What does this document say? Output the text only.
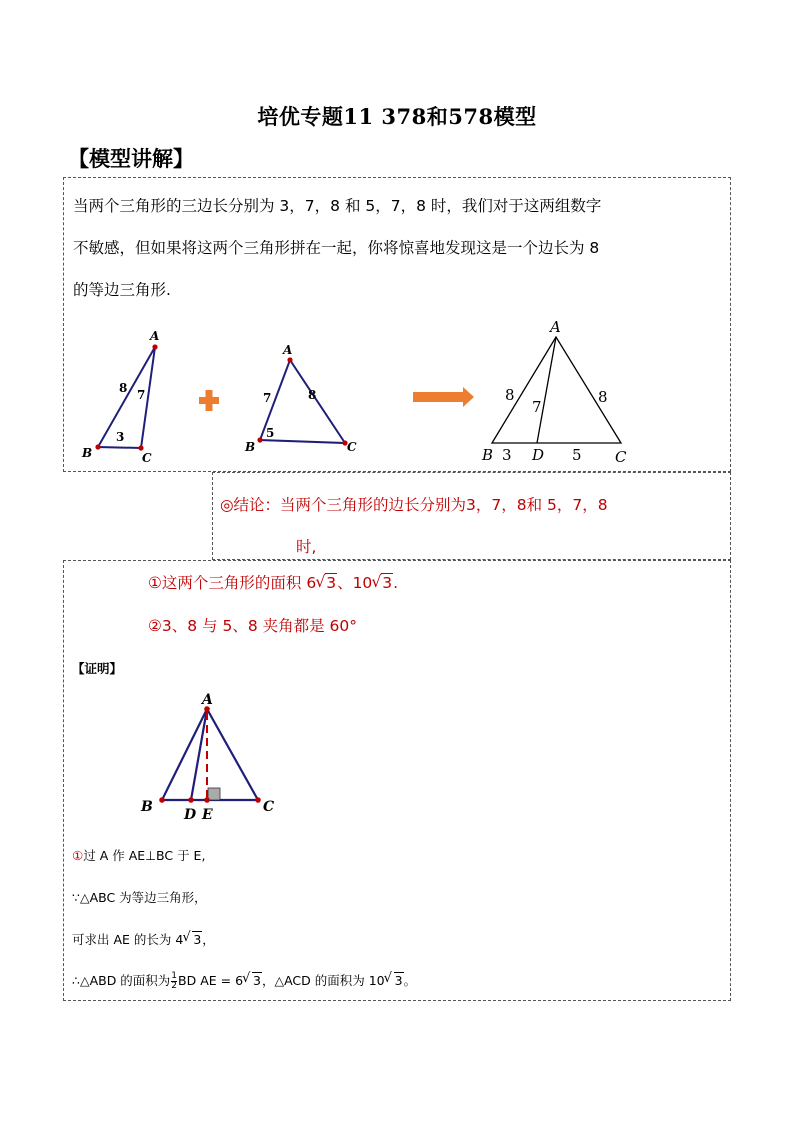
培优专题11 378和578模型
【模型讲解】
当两个三角形的三边长分别为 3，7，8 和 5，7，8 时，我们对于这两组数字
不敏感，但如果将这两个三角形拼在一起，你将惊喜地发现这是一个边长为 8
的等边三角形.
A
B	C
8 7
3
A
B	C
7	8
5
A
B	D	C
8
7
8
3	5
◎结论：当两个三角形的边长分别为3，7，8和 5，7，8
时,
①这两个三角形的面积 6 √ 3、10 √ 3.
②3、8 与 5、8 夹角都是 60°
【证明】
A
B D E	C
①过 A 作 AE⊥BC 于 E,
∵△ABC 为等边三角形，
可求出 AE 的长为 4 √ 3，
∴△ABD 的面积为 $\frac{1}{2}$ BD AE = 6 √ 3，△ACD 的面积为 10 √ 3。
